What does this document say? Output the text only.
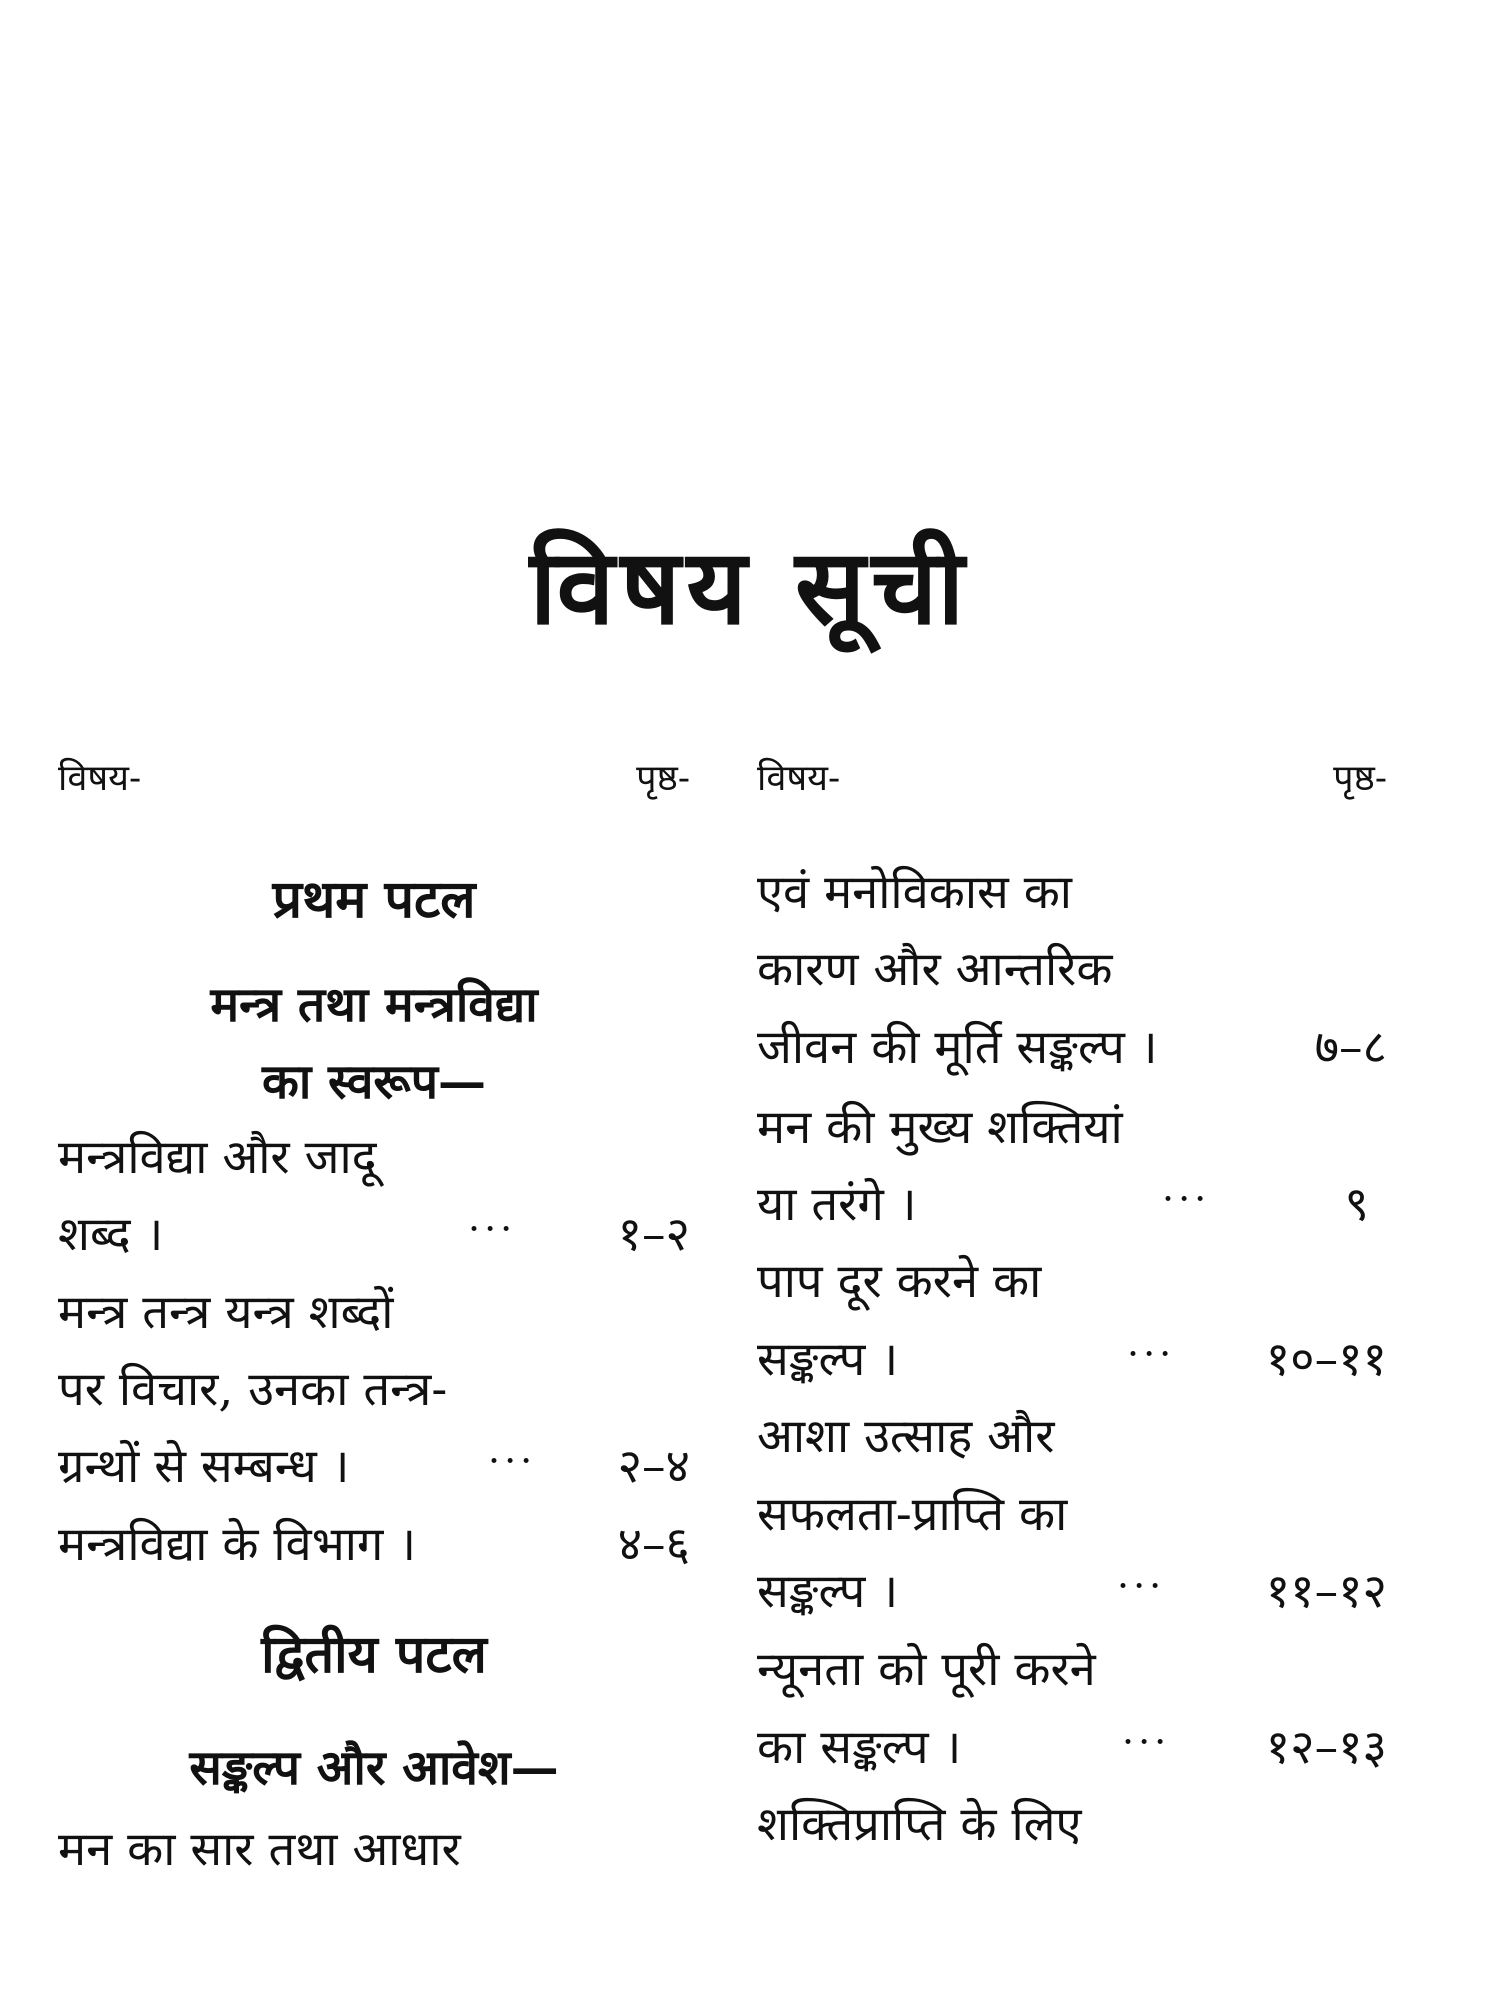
विषय सूची
विषय-	पृष्ठ-
प्रथम पटल
मन्त्र तथा मन्त्रविद्या
का स्वरूप—
मन्त्रविद्या और जादू
शब्द ।	··· १–२
मन्त्र तन्त्र यन्त्र शब्दों
पर विचार, उनका तन्त्र-
ग्रन्थों से सम्बन्ध ।	··· २–४
मन्त्रविद्या के विभाग ।	४–६
द्वितीय पटल
सङ्कल्प और आवेश—
मन का सार तथा आधार
विषय-	पृष्ठ-
एवं मनोविकास का
कारण और आन्तरिक
जीवन की मूर्ति सङ्कल्प ।	७–८
मन की मुख्य शक्तियां
या तरंगे ।	···	९
पाप दूर करने का
सङ्कल्प ।	··· १०–११
आशा उत्साह और
सफलता-प्राप्ति का
सङ्कल्प ।	··· ११–१२
न्यूनता को पूरी करने
का सङ्कल्प ।	··· १२–१३
शक्तिप्राप्ति के लिए
